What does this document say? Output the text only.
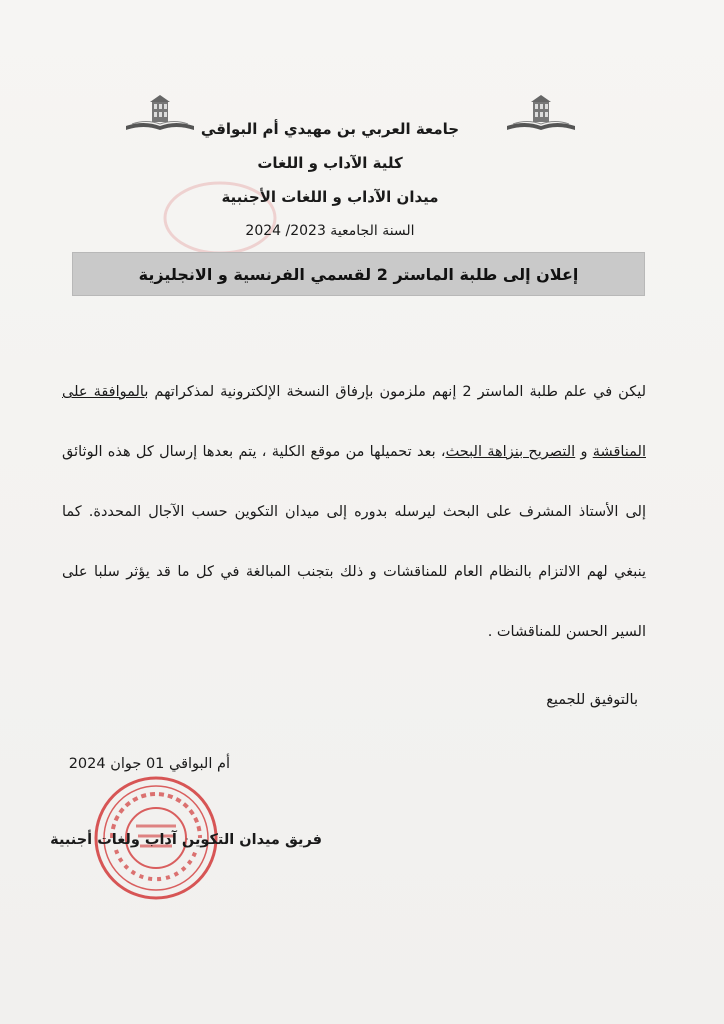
جامعة العربي بن مهيدي أم البواقي

كلية الآداب و اللغات

ميدان الآداب و اللغات الأجنبية

السنة الجامعية 2023/ 2024

إعلان إلى طلبة الماستر 2 لقسمي الفرنسية و الانجليزية

ليكن في علم طلبة الماستر 2 إنهم ملزمون بإرفاق النسخة الإلكترونية لمذكراتهم بالموافقة على المناقشة و التصريح بنزاهة البحث، بعد تحميلها من موقع الكلية ، يتم بعدها إرسال كل هذه الوثائق إلى الأستاذ المشرف على البحث ليرسله بدوره إلى ميدان التكوين حسب الآجال المحددة. كما ينبغي لهم الالتزام بالنظام العام للمناقشات و ذلك بتجنب المبالغة في كل ما قد يؤثر سلبا على السير الحسن للمناقشات .

بالتوفيق للجميع
أم البواقي 01 جوان 2024
فريق ميدان التكوين آداب ولغات أجنبية
